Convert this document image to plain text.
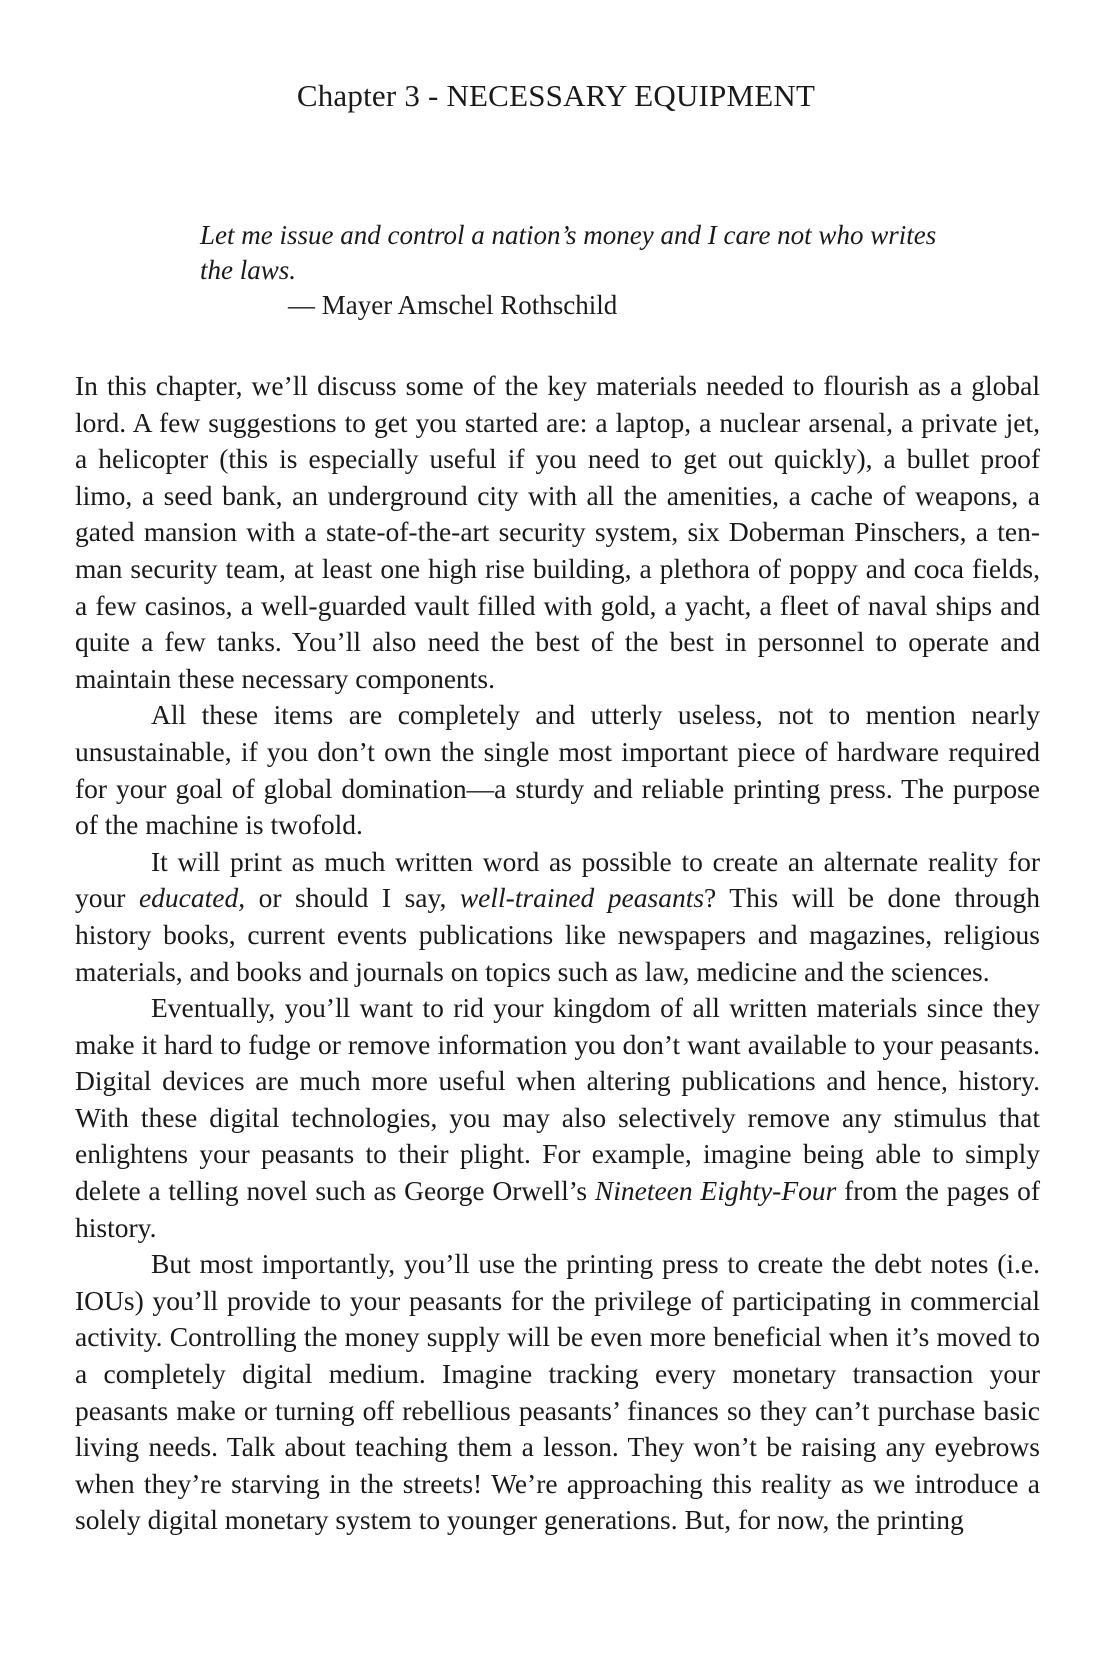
Chapter 3 - NECESSARY EQUIPMENT
Let me issue and control a nation’s money and I care not who writes the laws.
— Mayer Amschel Rothschild

In this chapter, we’ll discuss some of the key materials needed to flourish as a global lord. A few suggestions to get you started are: a laptop, a nuclear arsenal, a private jet, a helicopter (this is especially useful if you need to get out quickly), a bullet proof limo, a seed bank, an underground city with all the amenities, a cache of weapons, a gated mansion with a state-of-the-art security system, six Doberman Pinschers, a ten-man security team, at least one high rise building, a plethora of poppy and coca fields, a few casinos, a well-guarded vault filled with gold, a yacht, a fleet of naval ships and quite a few tanks. You’ll also need the best of the best in personnel to operate and maintain these necessary components.

All these items are completely and utterly useless, not to mention nearly unsustainable, if you don’t own the single most important piece of hardware required for your goal of global domination—a sturdy and reliable printing press. The purpose of the machine is twofold.

It will print as much written word as possible to create an alternate reality for your educated, or should I say, well-trained peasants? This will be done through history books, current events publications like newspapers and magazines, religious materials, and books and journals on topics such as law, medicine and the sciences.

Eventually, you’ll want to rid your kingdom of all written materials since they make it hard to fudge or remove information you don’t want available to your peasants. Digital devices are much more useful when altering publications and hence, history. With these digital technologies, you may also selectively remove any stimulus that enlightens your peasants to their plight. For example, imagine being able to simply delete a telling novel such as George Orwell’s Nineteen Eighty-Four from the pages of history.

But most importantly, you’ll use the printing press to create the debt notes (i.e. IOUs) you’ll provide to your peasants for the privilege of participating in commercial activity. Controlling the money supply will be even more beneficial when it’s moved to a completely digital medium. Imagine tracking every monetary transaction your peasants make or turning off rebellious peasants’ finances so they can’t purchase basic living needs. Talk about teaching them a lesson. They won’t be raising any eyebrows when they’re starving in the streets! We’re approaching this reality as we introduce a solely digital monetary system to younger generations. But, for now, the printing
